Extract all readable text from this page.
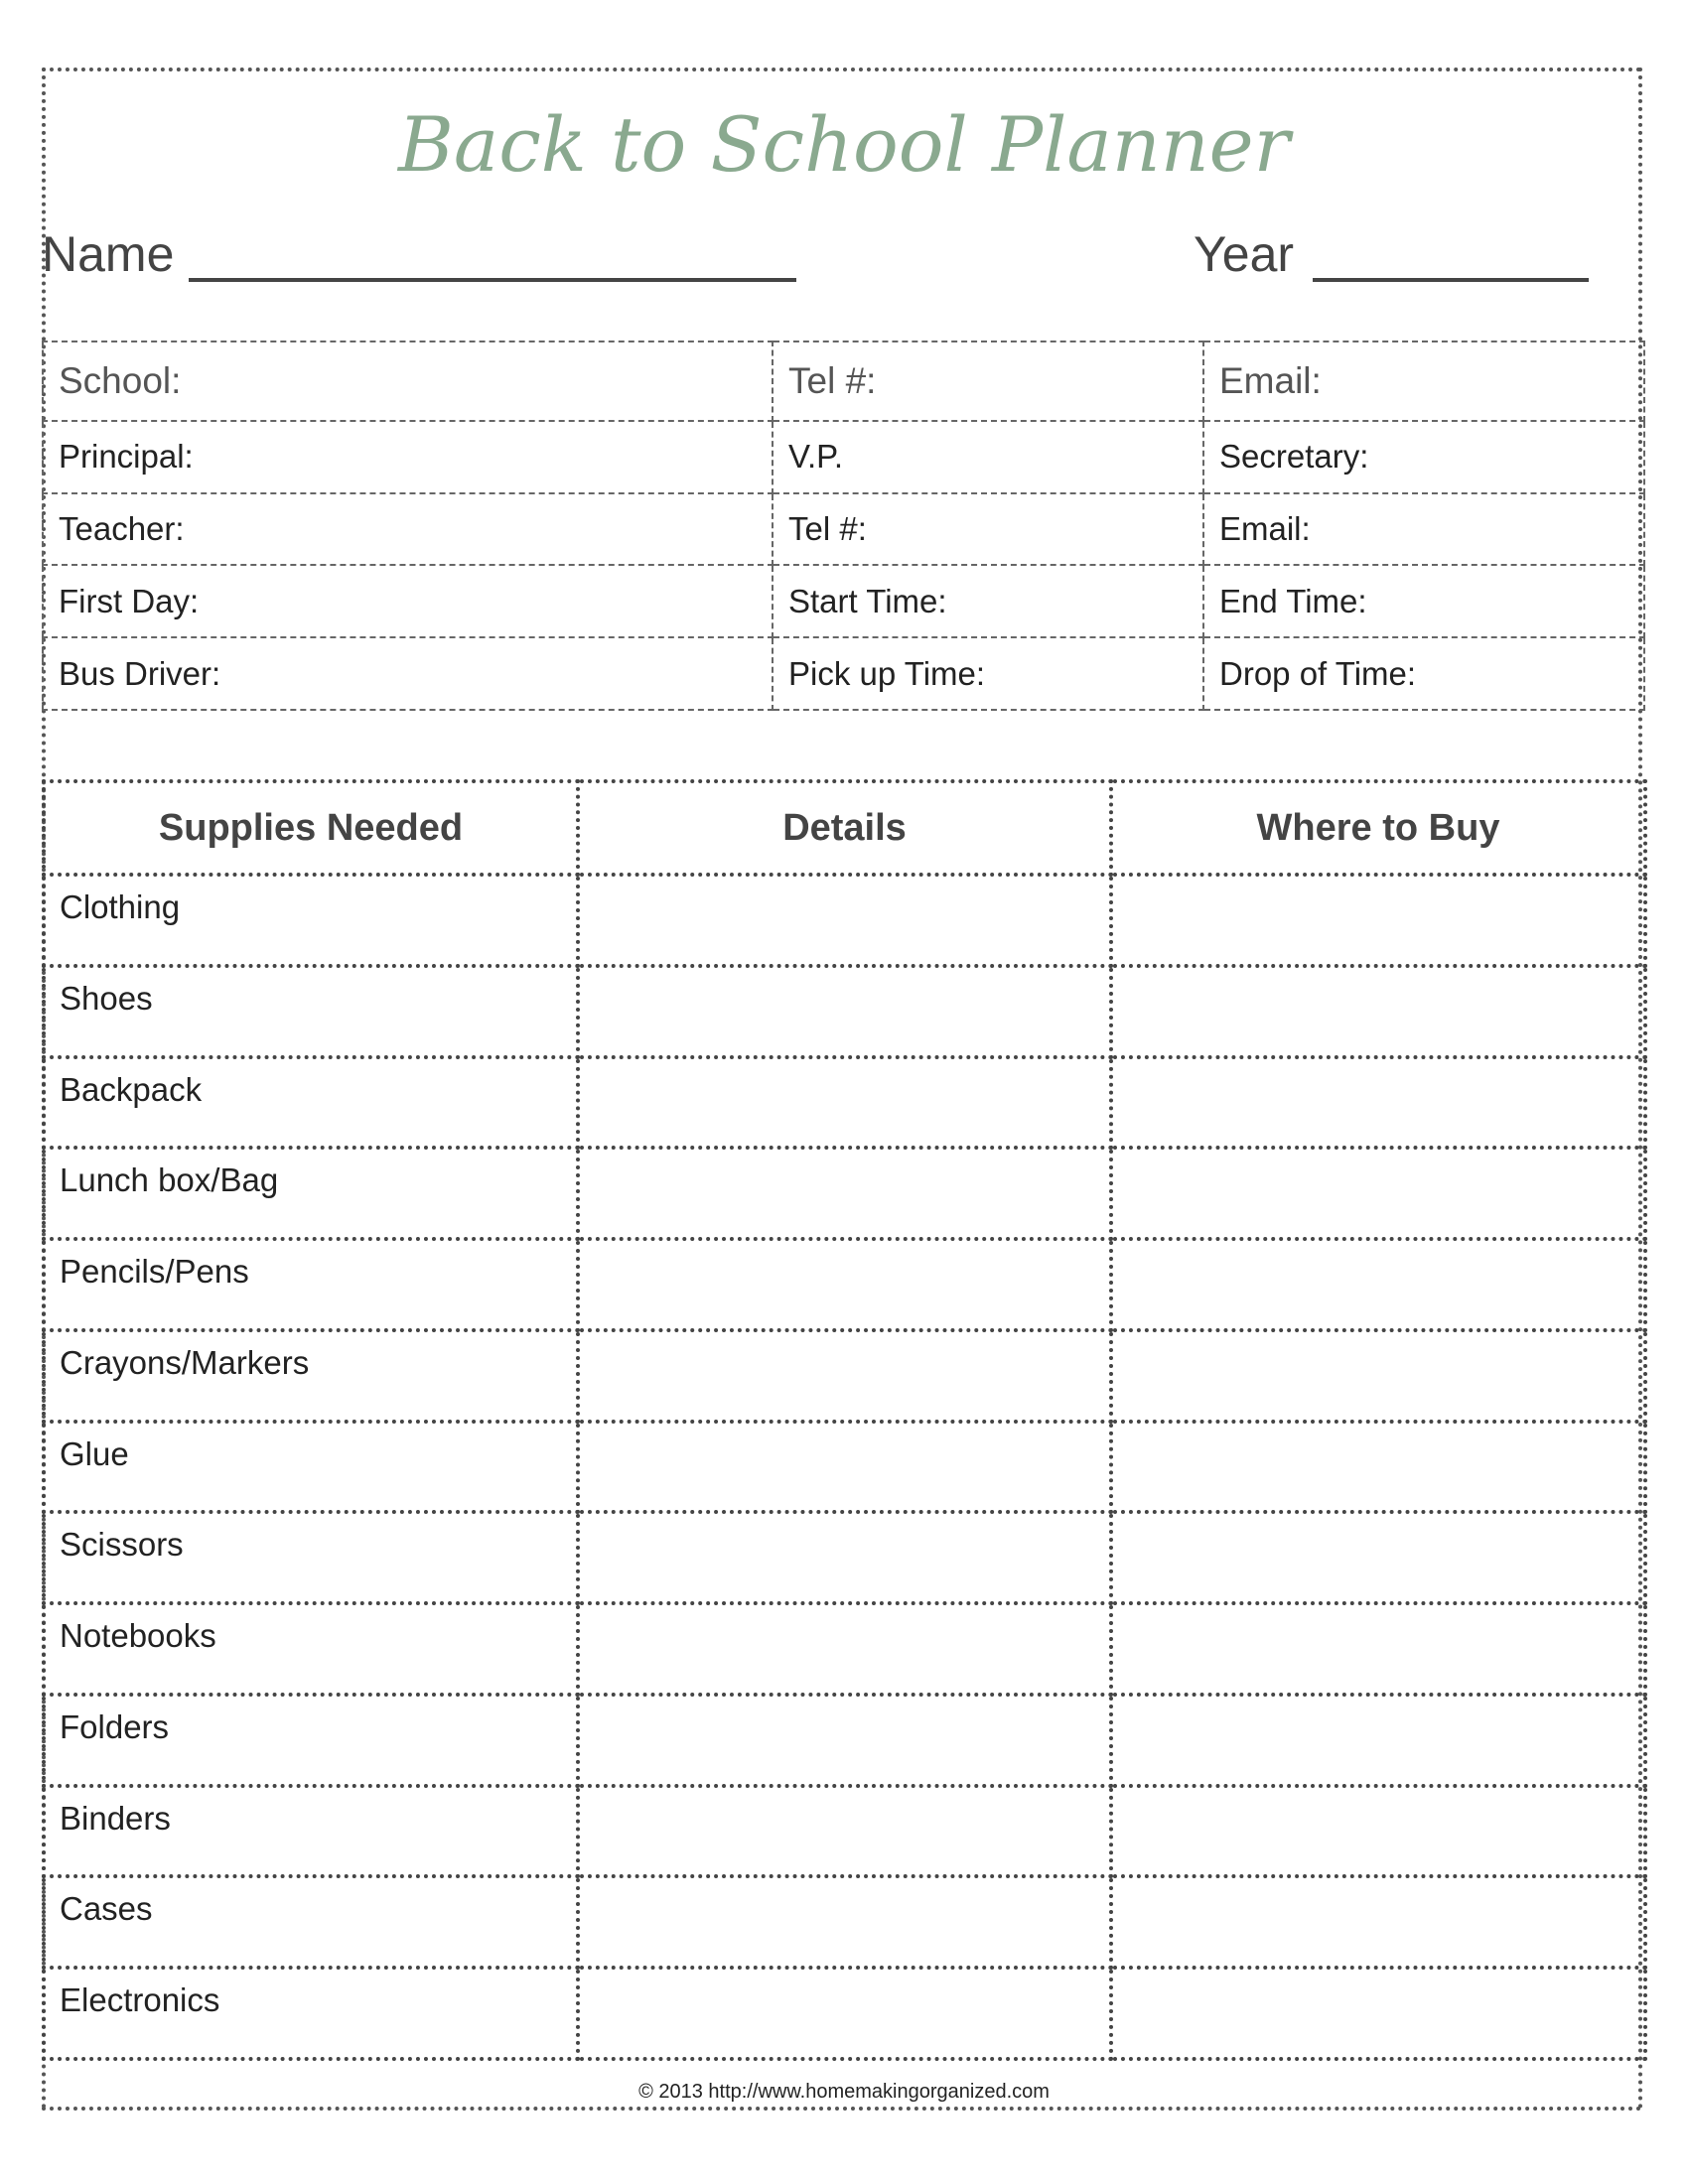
Back to School Planner
Name	Year
School:	Tel #:	Email:
Principal:	V.P.	Secretary:
Teacher:	Tel #:	Email:
First Day:	Start Time:	End Time:
Bus Driver:	Pick up Time:	Drop of Time:
Supplies Needed	Details	Where to Buy
Clothing		
Shoes		
Backpack		
Lunch box/Bag		
Pencils/Pens		
Crayons/Markers		
Glue		
Scissors		
Notebooks		
Folders		
Binders		
Cases		
Electronics		
© 2013 http://www.homemakingorganized.com
